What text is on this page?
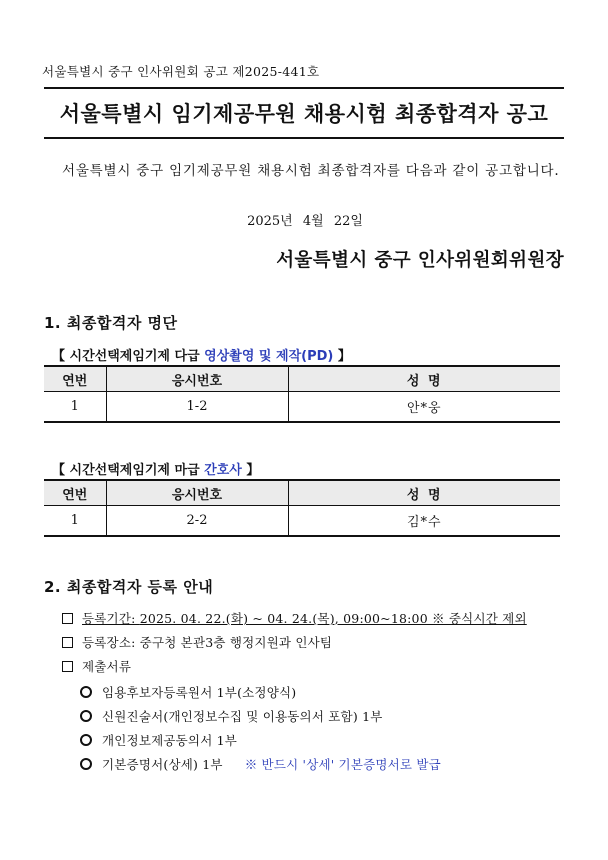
서울특별시 중구 인사위원회 공고 제2025-441호
서울특별시 임기제공무원 채용시험 최종합격자 공고
서울특별시 중구 임기제공무원 채용시험 최종합격자를 다음과 같이 공고합니다.
2025년 4월 22일
서울특별시 중구 인사위원회위원장
1. 최종합격자 명단
【 시간선택제임기제 다급 영상촬영 및 제작(PD) 】
연번	응시번호	성 명
1	1-2	안*웅
【 시간선택제임기제 마급 간호사 】
연번	응시번호	성 명
1	2-2	김*수
2. 최종합격자 등록 안내
등록기간: 2025. 04. 22.(화) ~ 04. 24.(목), 09:00~18:00 ※ 중식시간 제외
등록장소: 중구청 본관3층 행정지원과 인사팀
제출서류
임용후보자등록원서 1부(소정양식)
신원진술서(개인정보수집 및 이용동의서 포함) 1부
개인정보제공동의서 1부
기본증명서(상세) 1부 ※ 반드시 '상세' 기본증명서로 발급
